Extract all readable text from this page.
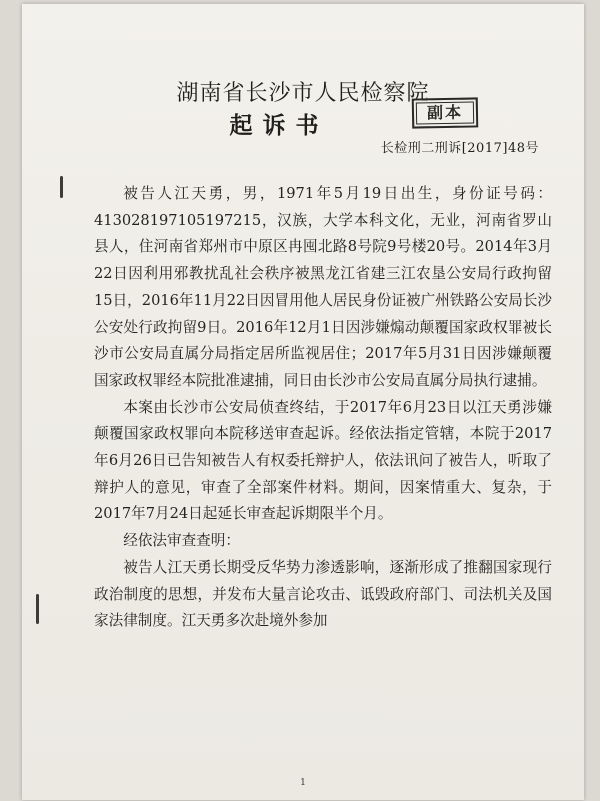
湖南省长沙市人民检察院
起诉书	副本
长检刑二刑诉[2017]48号

被告人江天勇，男，1971年5月19日出生，身份证号码：413028197105197215，汉族，大学本科文化，无业，河南省罗山县人，住河南省郑州市中原区冉囤北路8号院9号楼20号。2014年3月22日因利用邪教扰乱社会秩序被黑龙江省建三江农垦公安局行政拘留15日，2016年11月22日因冒用他人居民身份证被广州铁路公安局长沙公安处行政拘留9日。2016年12月1日因涉嫌煽动颠覆国家政权罪被长沙市公安局直属分局指定居所监视居住；2017年5月31日因涉嫌颠覆国家政权罪经本院批准逮捕，同日由长沙市公安局直属分局执行逮捕。

本案由长沙市公安局侦查终结，于2017年6月23日以江天勇涉嫌颠覆国家政权罪向本院移送审查起诉。经依法指定管辖，本院于2017年6月26日已告知被告人有权委托辩护人，依法讯问了被告人，听取了辩护人的意见，审查了全部案件材料。期间，因案情重大、复杂，于2017年7月24日起延长审查起诉期限半个月。

经依法审查查明：

被告人江天勇长期受反华势力渗透影响，逐渐形成了推翻国家现行政治制度的思想，并发布大量言论攻击、诋毁政府部门、司法机关及国家法律制度。江天勇多次赴境外参加

1
